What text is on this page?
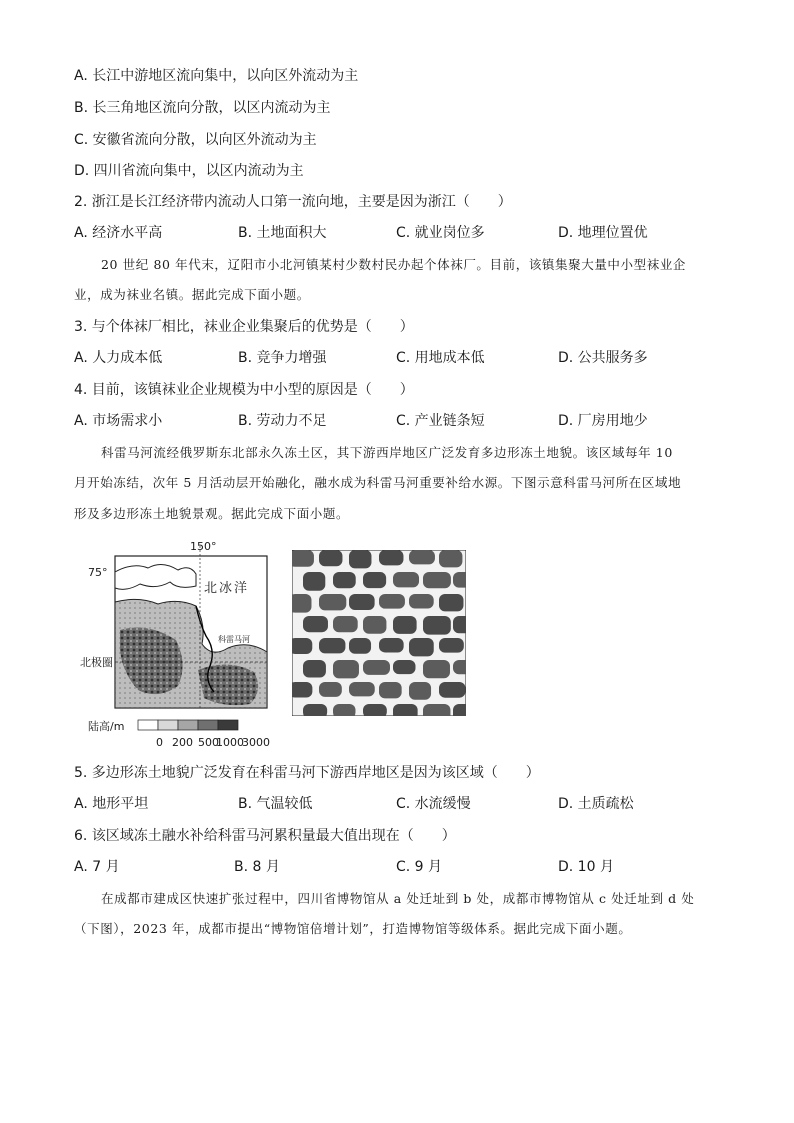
A. 长江中游地区流向集中，以向区外流动为主
B. 长三角地区流向分散，以区内流动为主
C. 安徽省流向分散，以向区外流动为主
D. 四川省流向集中，以区内流动为主
2. 浙江是长江经济带内流动人口第一流向地，主要是因为浙江（　　）
A. 经济水平高	B. 土地面积大	C. 就业岗位多	D. 地理位置优
20 世纪 80 年代末，辽阳市小北河镇某村少数村民办起个体袜厂。目前，该镇集聚大量中小型袜业企
业，成为袜业名镇。据此完成下面小题。
3. 与个体袜厂相比，袜业企业集聚后的优势是（　　）
A. 人力成本低	B. 竞争力增强	C. 用地成本低	D. 公共服务多
4. 目前，该镇袜业企业规模为中小型的原因是（　　）
A. 市场需求小	B. 劳动力不足	C. 产业链条短	D. 厂房用地少
科雷马河流经俄罗斯东北部永久冻土区，其下游西岸地区广泛发育多边形冻土地貌。该区域每年 10
月开始冻结，次年 5 月活动层开始融化，融水成为科雷马河重要补给水源。下图示意科雷马河所在区域地
形及多边形冻土地貌景观。据此完成下面小题。
150°
75°
北冰洋
北极圈
科雷马河
陆高/m
0 200 500
1000
3000
5. 多边形冻土地貌广泛发育在科雷马河下游西岸地区是因为该区域（　　）
A. 地形平坦	B. 气温较低	C. 水流缓慢	D. 土质疏松
6. 该区域冻土融水补给科雷马河累积量最大值出现在（　　）
A. 7 月	B. 8 月	C. 9 月	D. 10 月
在成都市建成区快速扩张过程中，四川省博物馆从 a 处迁址到 b 处，成都市博物馆从 c 处迁址到 d 处
（下图），2023 年，成都市提出“博物馆倍增计划”，打造博物馆等级体系。据此完成下面小题。
